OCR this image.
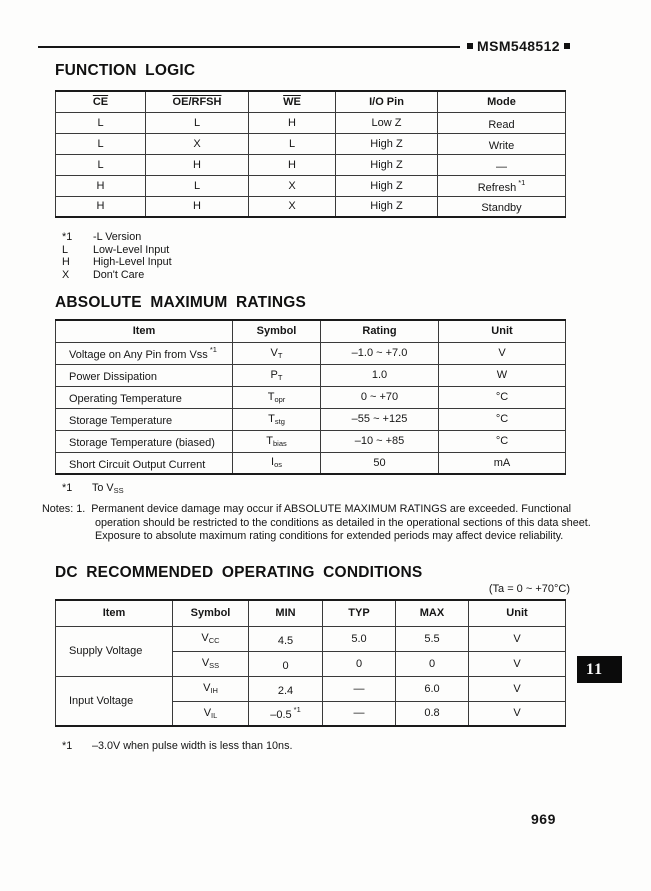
MSM548512
FUNCTION LOGIC
$\overline{CE}$	OE/RFSH	$\overline{WE}$	I/O Pin	Mode
L	L	H	Low Z	Read
L	X	L	High Z	Write
L	H	H	High Z	—
H	L	X	High Z	Refresh $^{*1}$
H	H	X	High Z	Standby
*1	-L Version
L	Low-Level Input
H	High-Level Input
X	Don't Care
ABSOLUTE MAXIMUM RATINGS
Item	Symbol	Rating	Unit
Voltage on Any Pin from Vss $^{*1}$	VT	–1.0 ~ +7.0	V
Power Dissipation	PT	1.0	W
Operating Temperature	Topr	0 ~ +70	°C
Storage Temperature	Tstg	–55 ~ +125	°C
Storage Temperature (biased)	Tbias	–10 ~ +85	°C
Short Circuit Output Current	Ios	50	mA
*1	To VSS
Notes: 1. Permanent device damage may occur if ABSOLUTE MAXIMUM RATINGS are exceeded. Functional
operation should be restricted to the conditions as detailed in the operational sections of this data sheet.
Exposure to absolute maximum rating conditions for extended periods may affect device reliability.
DC RECOMMENDED OPERATING CONDITIONS
(Ta = 0 ~ +70°C)
Item	Symbol	MIN	TYP	MAX	Unit
Supply Voltage	VCC	4.5	5.0	5.5	V
	VSS	0	0	0	V
Input Voltage	VIH	2.4	—	6.0	V
	VIL	–0.5 $^{*1}$	—	0.8	V
*1	–3.0V when pulse width is less than 10ns.
11
969
